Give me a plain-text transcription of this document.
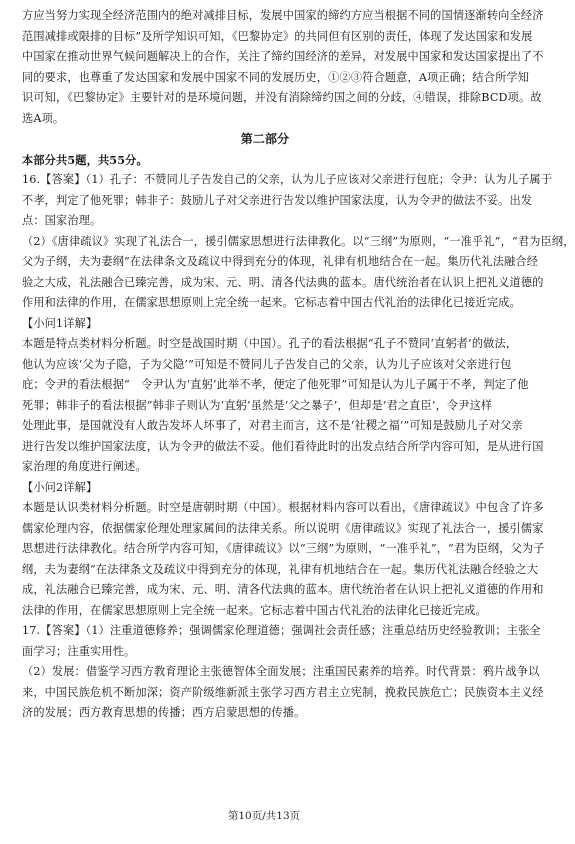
方应当努力实现全经济范围内的绝对减排目标，发展中国家的缔约方应当根据不同的国情逐渐转向全经济
范围减排或限排的目标”及所学知识可知，《巴黎协定》的共同但有区别的责任，体现了发达国家和发展
中国家在推动世界气候问题解决上的合作，关注了缔约国经济的差异，对发展中国家和发达国家提出了不
同的要求，也尊重了发达国家和发展中国家不同的发展历史，①②③符合题意，A项正确；结合所学知
识可知，《巴黎协定》主要针对的是环境问题，并没有消除缔约国之间的分歧，④错误，排除BCD项。故
选A项。
第二部分
本部分共5题，共55分。
16.【答案】（1）孔子：不赞同儿子告发自己的父亲，认为儿子应该对父亲进行包庇；令尹：认为儿子属于
不孝，判定了他死罪；韩非子：鼓励儿子对父亲进行告发以维护国家法度，认为令尹的做法不妥。出发
点：国家治理。
（2）《唐律疏议》实现了礼法合一，援引儒家思想进行法律教化。以“三纲”为原则，“一准乎礼”，“君为臣纲，
父为子纲，夫为妻纲”在法律条文及疏议中得到充分的体现，礼律有机地结合在一起。集历代礼法融合经
验之大成，礼法融合已臻完善，成为宋、元、明、清各代法典的蓝本。唐代统治者在认识上把礼义道德的
作用和法律的作用，在儒家思想原则上完全统一起来。它标志着中国古代礼治的法律化已接近完成。
【小问1详解】
本题是特点类材料分析题。时空是战国时期（中国）。孔子的看法根据“孔子不赞同‘直躬者’的做法，
他认为应该‘父为子隐，子为父隐’”可知是不赞同儿子告发自己的父亲，认为儿子应该对父亲进行包
庇；令尹的看法根据“　令尹认为‘直躬’此举不孝，便定了他死罪”可知是认为儿子属于不孝，判定了他
死罪；韩非子的看法根据“韩非子则认为‘直躬’虽然是‘父之暴子’，但却是‘君之直臣’，令尹这样
处理此事，是国就没有人敢告发坏人坏事了，对君主而言，这不是‘社稷之福’”可知是鼓励儿子对父亲
进行告发以维护国家法度，认为令尹的做法不妥。他们看待此时的出发点结合所学内容可知，是从进行国
家治理的角度进行阐述。
【小问2详解】
本题是认识类材料分析题。时空是唐朝时期（中国）。根据材料内容可以看出，《唐律疏议》中包含了许多
儒家伦理内容，依据儒家伦理处理家属间的法律关系。所以说明《唐律疏议》实现了礼法合一，援引儒家
思想进行法律教化。结合所学内容可知，《唐律疏议》以“三纲”为原则，“一准乎礼”，“君为臣纲，父为子
纲，夫为妻纲”在法律条文及疏议中得到充分的体现，礼律有机地结合在一起。集历代礼法融合经验之大
成，礼法融合已臻完善，成为宋、元、明、清各代法典的蓝本。唐代统治者在认识上把礼义道德的作用和
法律的作用，在儒家思想原则上完全统一起来。它标志着中国古代礼治的法律化已接近完成。
17.【答案】（1）注重道德修养；强调儒家伦理道德；强调社会责任感；注重总结历史经验教训；主张全
面学习；注重实用性。
（2）发展：借鉴学习西方教育理论主张德智体全面发展；注重国民素养的培养。时代背景：鸦片战争以
来，中国民族危机不断加深；资产阶级维新派主张学习西方君主立宪制，挽救民族危亡；民族资本主义经
济的发展；西方教育思想的传播；西方启蒙思想的传播。
第10页/共13页
